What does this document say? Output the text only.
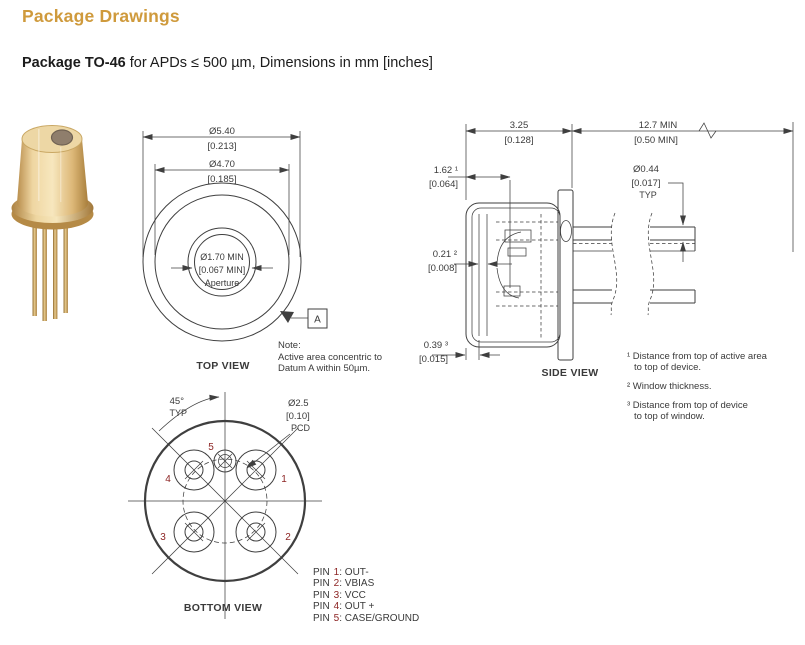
Package Drawings
Package TO-46 for APDs ≤ 500 µm, Dimensions in mm [inches]
Ø5.40
[0.213]
Ø4.70
[0.185]
Ø1.70 MIN
[0.067 MIN]
Aperture
A
TOP VIEW
3.25
[0.128]
12.7 MIN
[0.50 MIN]
1.62 ¹
[0.064]
0.21 ²
[0.008]
0.39 ³
[0.015]
Ø0.44
[0.017]
TYP
SIDE VIEW
5
4	1
3	2
45°
TYP
Ø2.5
[0.10]
PCD
BOTTOM VIEW
Note:
Active area concentric to
Datum A within 50µm.
¹ Distance from top of active area
to top of device.
² Window thickness.
³ Distance from top of device
to top of window.
PIN 1: OUT-
PIN 2: VBIAS
PIN 3: VCC
PIN 4: OUT +
PIN 5: CASE/GROUND
